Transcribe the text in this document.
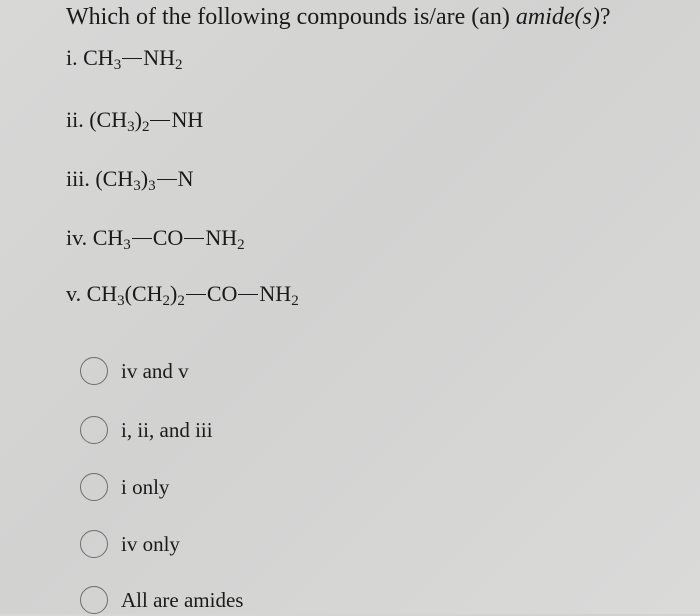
Which of the following compounds is/are (an) amide(s)?
i. $CH_3$ $NH_2$
ii. $(CH_3)_2$ NH
iii. $(CH_3)_3$ N
iv. $CH_3$ CO $NH_2$
v. $CH_3(CH_2)_2$ CO $NH_2$
iv and v
i, ii, and iii
i only
iv only
All are amides
